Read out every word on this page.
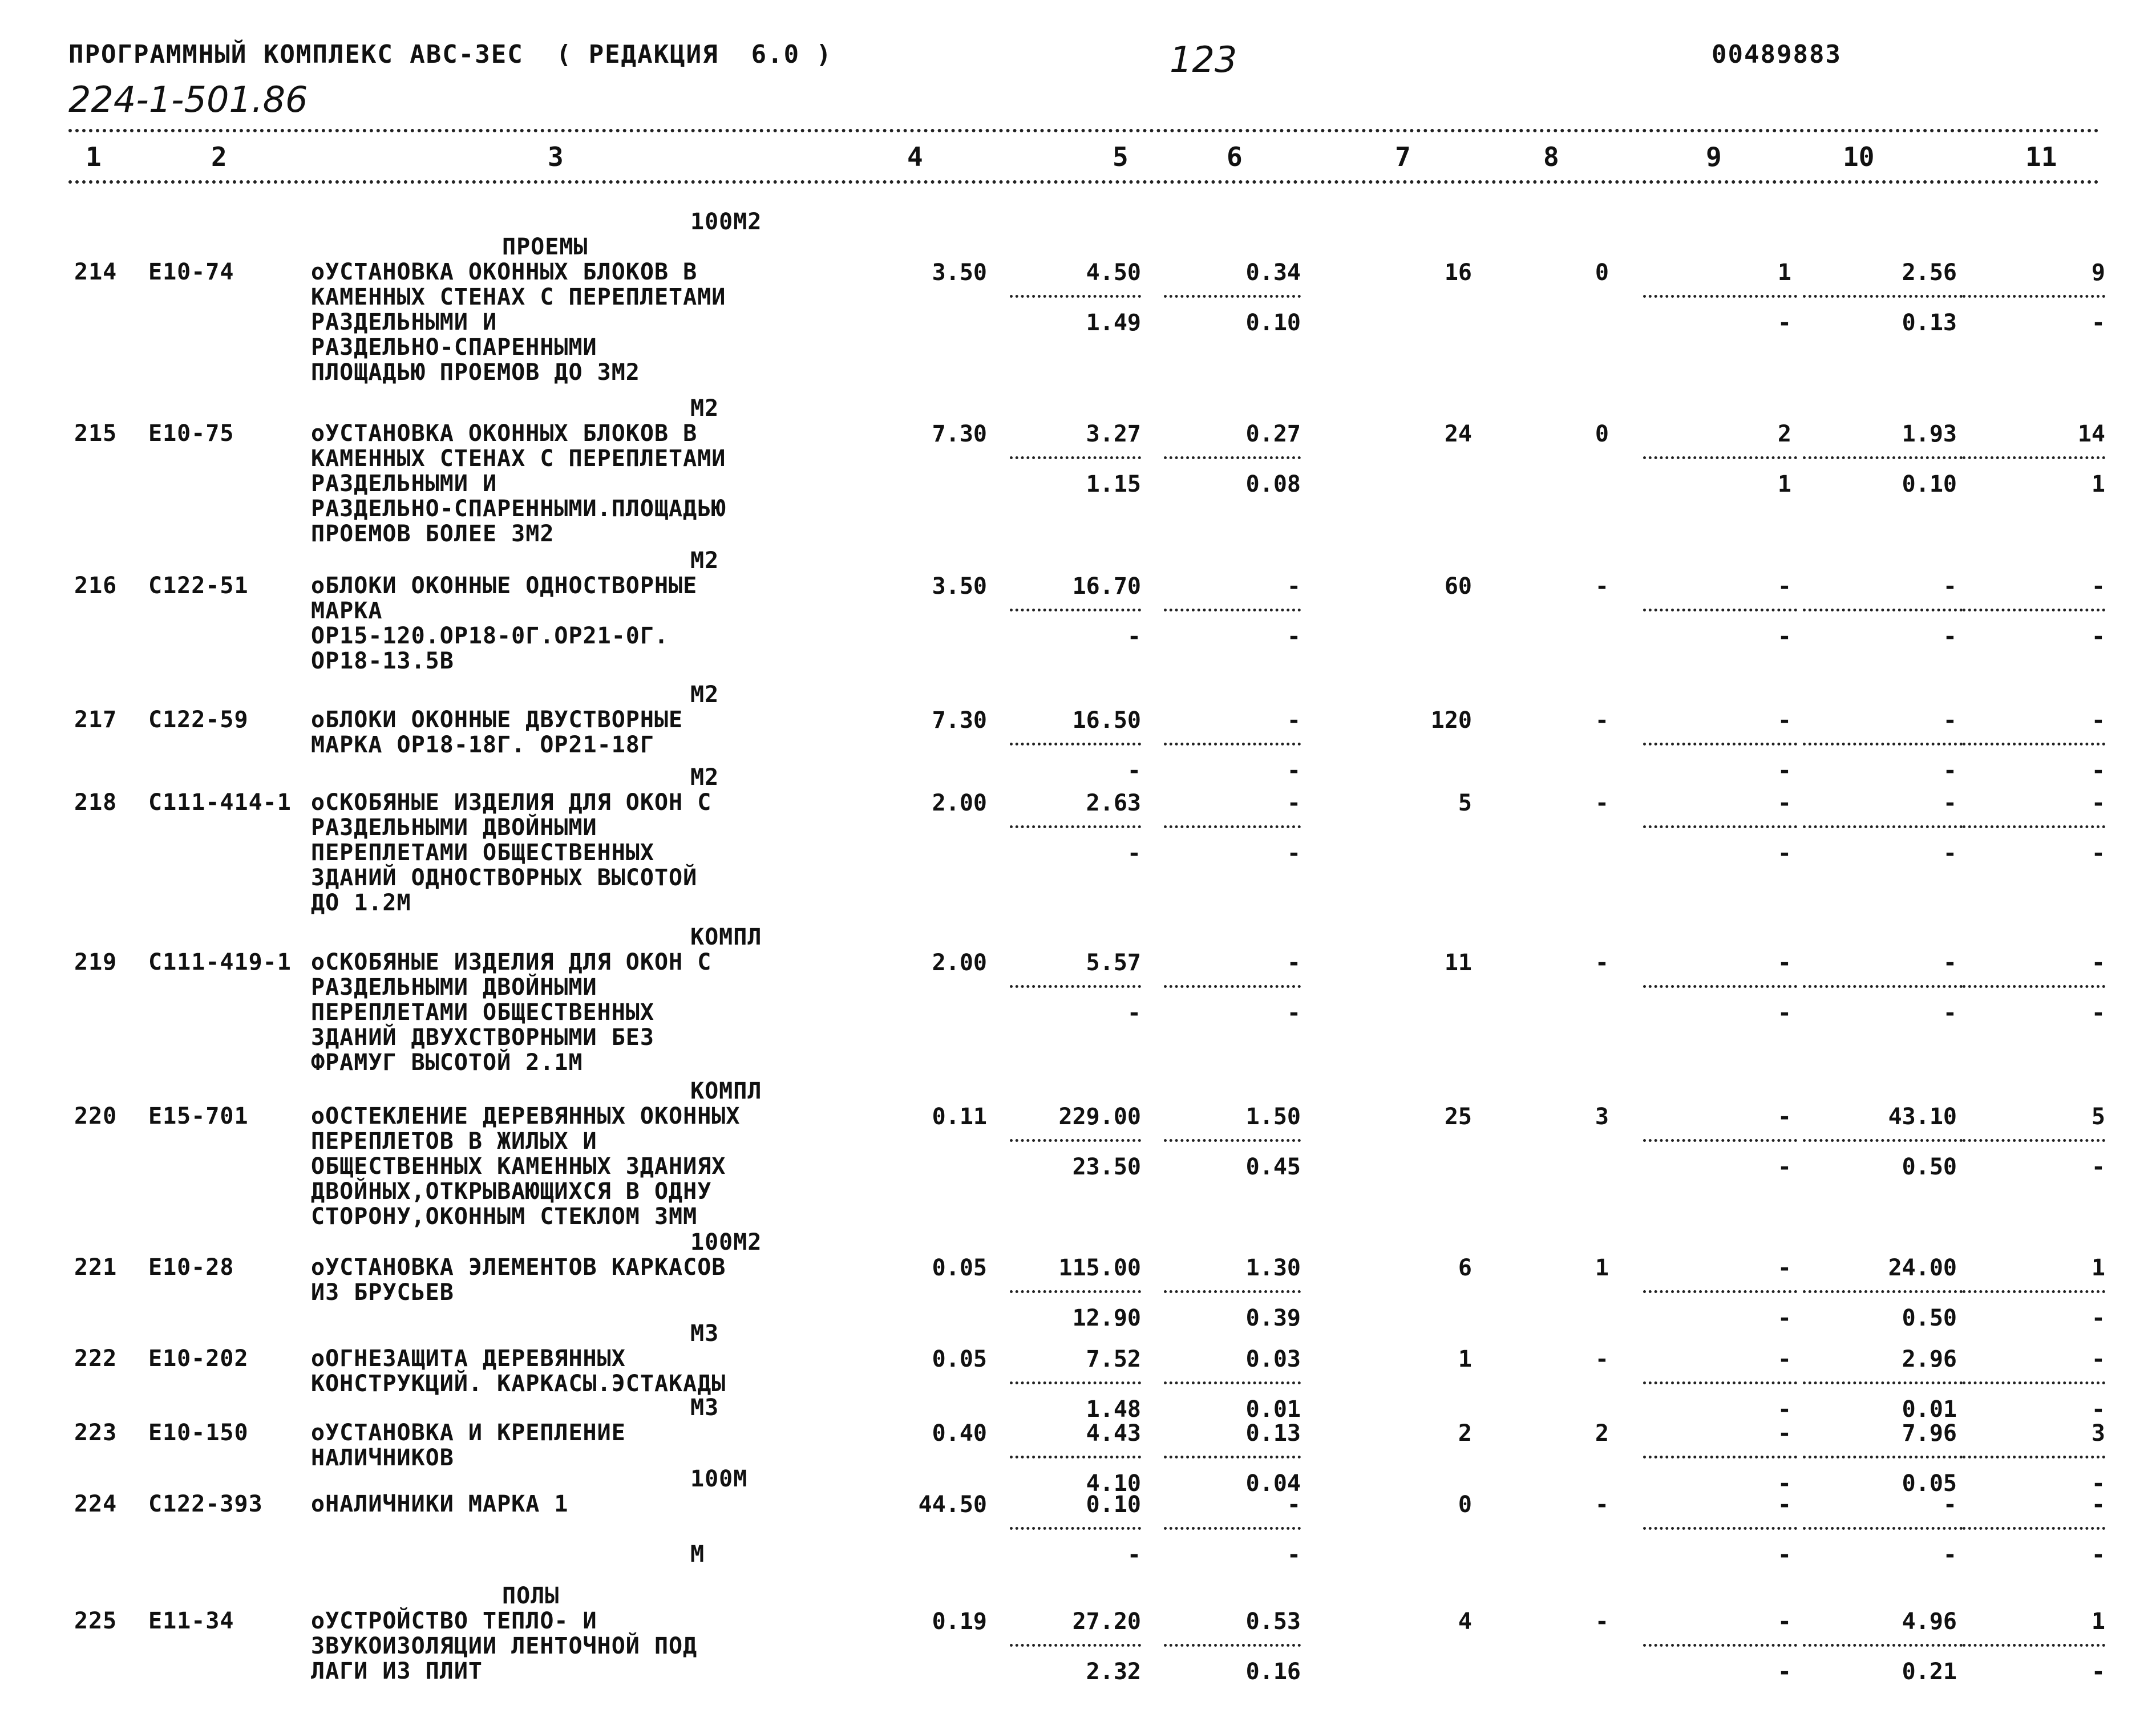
ПРОГРАММНЫЙ КОМПЛЕКС АВС-3ЕС  ( РЕДАКЦИЯ  6.0 )	123	00489883
224-1-501.86
1	2	3	4	5	6	7	8	9	10	11
100М2
ПРОЕМЫ
214 Е10-74	оУСТАНОВКА ОКОННЫХ БЛОКОВ В
КАМЕННЫХ СТЕНАХ С ПЕРЕПЛЕТАМИ
РАЗДЕЛЬНЫМИ И
РАЗДЕЛЬНО-СПАРЕННЫМИ
ПЛОЩАДЬЮ ПРОЕМОВ ДО 3М2
3.50	4.50	0.34	16	0	1	2.56	9
1.49	0.10	-	0.13	-
М2
215 Е10-75	оУСТАНОВКА ОКОННЫХ БЛОКОВ В
КАМЕННЫХ СТЕНАХ С ПЕРЕПЛЕТАМИ
РАЗДЕЛЬНЫМИ И
РАЗДЕЛЬНО-СПАРЕННЫМИ.ПЛОЩАДЬЮ
ПРОЕМОВ БОЛЕЕ 3М2
7.30	3.27	0.27	24	0	2	1.93	14
1.15	0.08	1	0.10	1
М2
216 С122-51	оБЛОКИ ОКОННЫЕ ОДНОСТВОРНЫЕ
МАРКА
ОР15-120.ОР18-0Г.ОР21-0Г.
ОР18-13.5В
3.50	16.70	-	60	-	-	-	-
-	-	-	-	-
М2
217 С122-59	оБЛОКИ ОКОННЫЕ ДВУСТВОРНЫЕ
МАРКА ОР18-18Г. ОР21-18Г
7.30	16.50	-	120	-	-	-	-
-	-	-	-	-
М2
218 С111-414-1 оСКОБЯНЫЕ ИЗДЕЛИЯ ДЛЯ ОКОН С
РАЗДЕЛЬНЫМИ ДВОЙНЫМИ
ПЕРЕПЛЕТАМИ ОБЩЕСТВЕННЫХ
ЗДАНИЙ ОДНОСТВОРНЫХ ВЫСОТОЙ
ДО 1.2М
2.00	2.63	-	5	-	-	-	-
-	-	-	-	-
КОМПЛ
219 С111-419-1 оСКОБЯНЫЕ ИЗДЕЛИЯ ДЛЯ ОКОН С
РАЗДЕЛЬНЫМИ ДВОЙНЫМИ
ПЕРЕПЛЕТАМИ ОБЩЕСТВЕННЫХ
ЗДАНИЙ ДВУХСТВОРНЫМИ БЕЗ
ФРАМУГ ВЫСОТОЙ 2.1М
2.00	5.57	-	11	-	-	-	-
-	-	-	-	-
КОМПЛ
220 Е15-701	оОСТЕКЛЕНИЕ ДЕРЕВЯННЫХ ОКОННЫХ
ПЕРЕПЛЕТОВ В ЖИЛЫХ И
ОБЩЕСТВЕННЫХ КАМЕННЫХ ЗДАНИЯХ
ДВОЙНЫХ,ОТКРЫВАЮЩИХСЯ В ОДНУ
СТОРОНУ,ОКОННЫМ СТЕКЛОМ 3ММ
0.11	229.00	1.50	25	3	-	43.10	5
23.50	0.45	-	0.50	-
100М2
221 Е10-28	оУСТАНОВКА ЭЛЕМЕНТОВ КАРКАСОВ
ИЗ БРУСЬЕВ
0.05	115.00	1.30	6	1	-	24.00	1
12.90	0.39	-	0.50	-
М3
222 Е10-202	оОГНЕЗАЩИТА ДЕРЕВЯННЫХ
КОНСТРУКЦИЙ. КАРКАСЫ.ЭСТАКАДЫ
0.05	7.52	0.03	1	-	-	2.96	-
1.48	0.01	-	0.01	-
М3
223 Е10-150	оУСТАНОВКА И КРЕПЛЕНИЕ
НАЛИЧНИКОВ
0.40	4.43	0.13	2	2	-	7.96	3
4.10	0.04	-	0.05	-
100М
224 С122-393 оНАЛИЧНИКИ МАРКА 1
М
44.50	0.10	-	0	-	-	-	-
-	-	-	-	-
ПОЛЫ
225 Е11-34	оУСТРОЙСТВО ТЕПЛО- И
ЗВУКОИЗОЛЯЦИИ ЛЕНТОЧНОЙ ПОД
ЛАГИ ИЗ ПЛИТ
0.19	27.20	0.53	4	-	-	4.96	1
2.32	0.16	-	0.21	-
